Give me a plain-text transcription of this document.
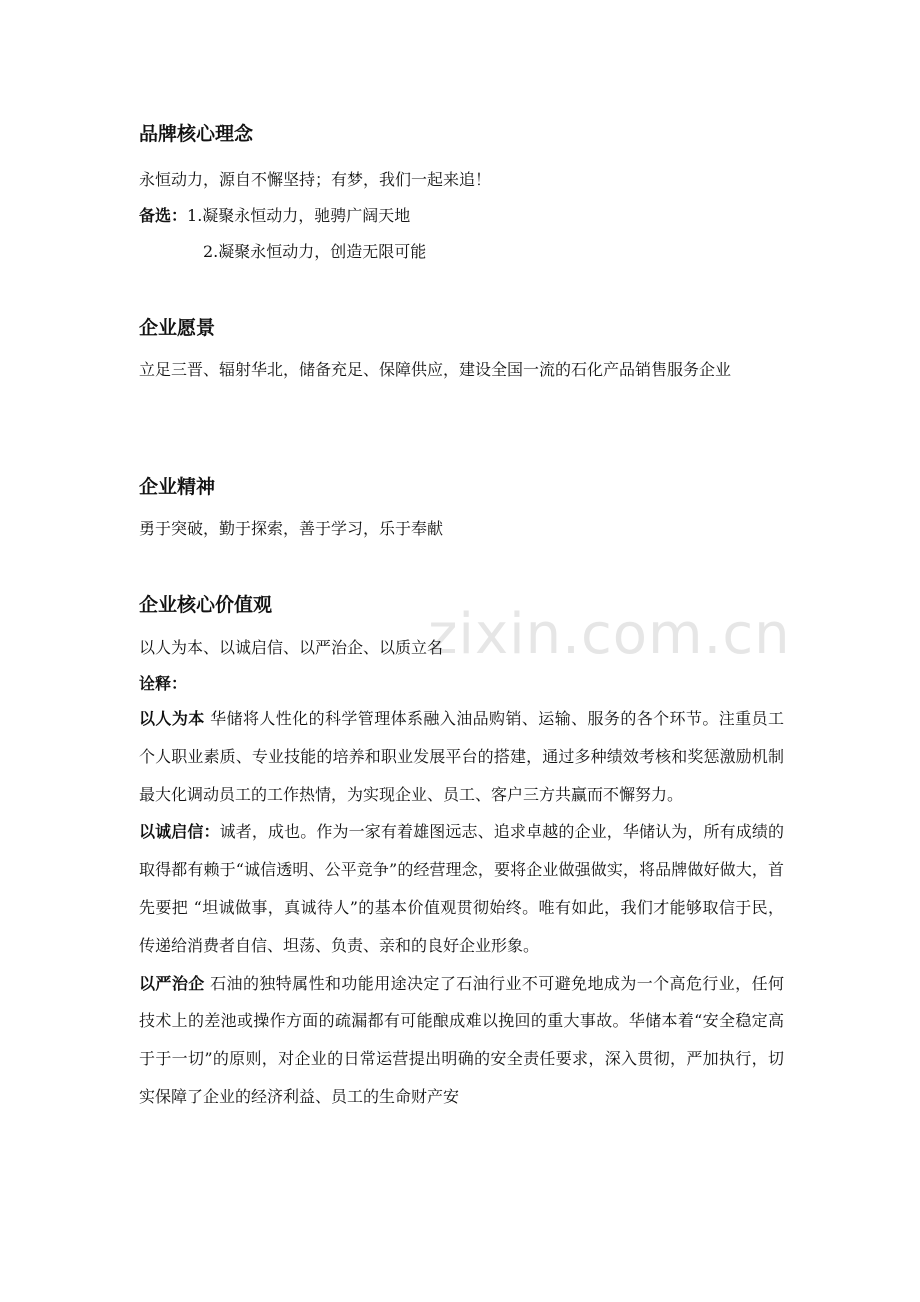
zixin.com.cn
品牌核心理念

永恒动力，源自不懈坚持；有梦，我们一起来追！

备选：1.凝聚永恒动力，驰骋广阔天地

2.凝聚永恒动力，创造无限可能

企业愿景

立足三晋、辐射华北，储备充足、保障供应，建设全国一流的石化产品销售服务企业

企业精神

勇于突破，勤于探索，善于学习，乐于奉献

企业核心价值观

以人为本、以诚启信、以严治企、以质立名

诠释：

以人为本 华储将人性化的科学管理体系融入油品购销、运输、服务的各个环节。注重员工个人职业素质、专业技能的培养和职业发展平台的搭建，通过多种绩效考核和奖惩激励机制最大化调动员工的工作热情，为实现企业、员工、客户三方共赢而不懈努力。

以诚启信：诚者，成也。作为一家有着雄图远志、追求卓越的企业，华储认为，所有成绩的取得都有赖于“诚信透明、公平竞争”的经营理念，要将企业做强做实，将品牌做好做大，首先要把 “坦诚做事，真诚待人”的基本价值观贯彻始终。唯有如此，我们才能够取信于民，传递给消费者自信、坦荡、负责、亲和的良好企业形象。

以严治企 石油的独特属性和功能用途决定了石油行业不可避免地成为一个高危行业，任何技术上的差池或操作方面的疏漏都有可能酿成难以挽回的重大事故。华储本着“安全稳定高于于一切”的原则，对企业的日常运营提出明确的安全责任要求，深入贯彻，严加执行，切实保障了企业的经济利益、员工的生命财产安
